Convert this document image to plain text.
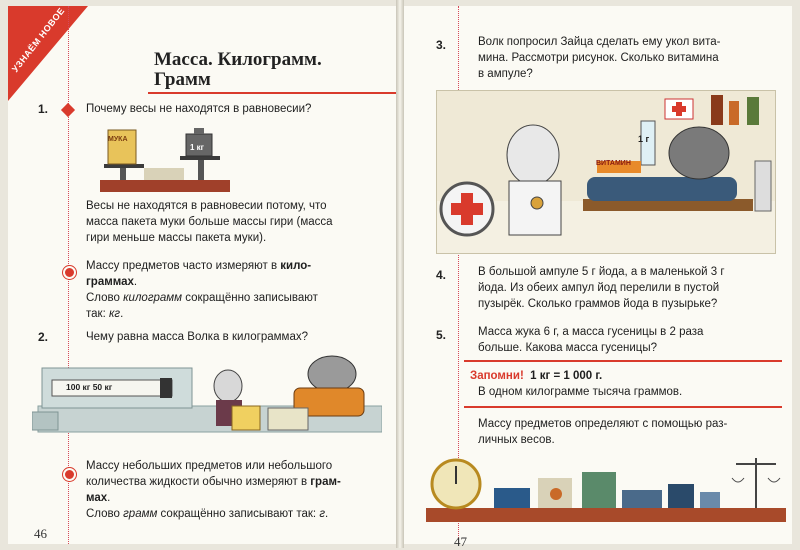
УЗНАЁМ НОВОЕ	Масса. Килограмм.
Грамм
1.	Почему весы не находятся в равновесии?
МУКА
1 кг
Весы не находятся в равновесии потому, что
масса пакета муки больше массы гири (масса
гири меньше массы пакета муки).
Массу предметов часто измеряют в кило-
граммах.
Слово килограмм сокращённо записывают
так: кг.
2.	Чему равна масса Волка в килограммах?
100 кг 50 кг
Массу небольших предметов или небольшого
количества жидкости обычно измеряют в грам-
мах.
Слово грамм сокращённо записывают так: г.
46
3.	Волк попросил Зайца сделать ему укол вита-
мина. Рассмотри рисунок. Сколько витамина
в ампуле?
1 г
ВИТАМИН
4.	В большой ампуле 5 г йода, а в маленькой 3 г
йода. Из обеих ампул йод перелили в пустой
пузырёк. Сколько граммов йода в пузырьке?
5.	Масса жука 6 г, а масса гусеницы в 2 раза
больше. Какова масса гусеницы?
Запомни! 1 кг = 1 000 г.
В одном килограмме тысяча граммов.
Массу предметов определяют с помощью раз-
личных весов.
47
